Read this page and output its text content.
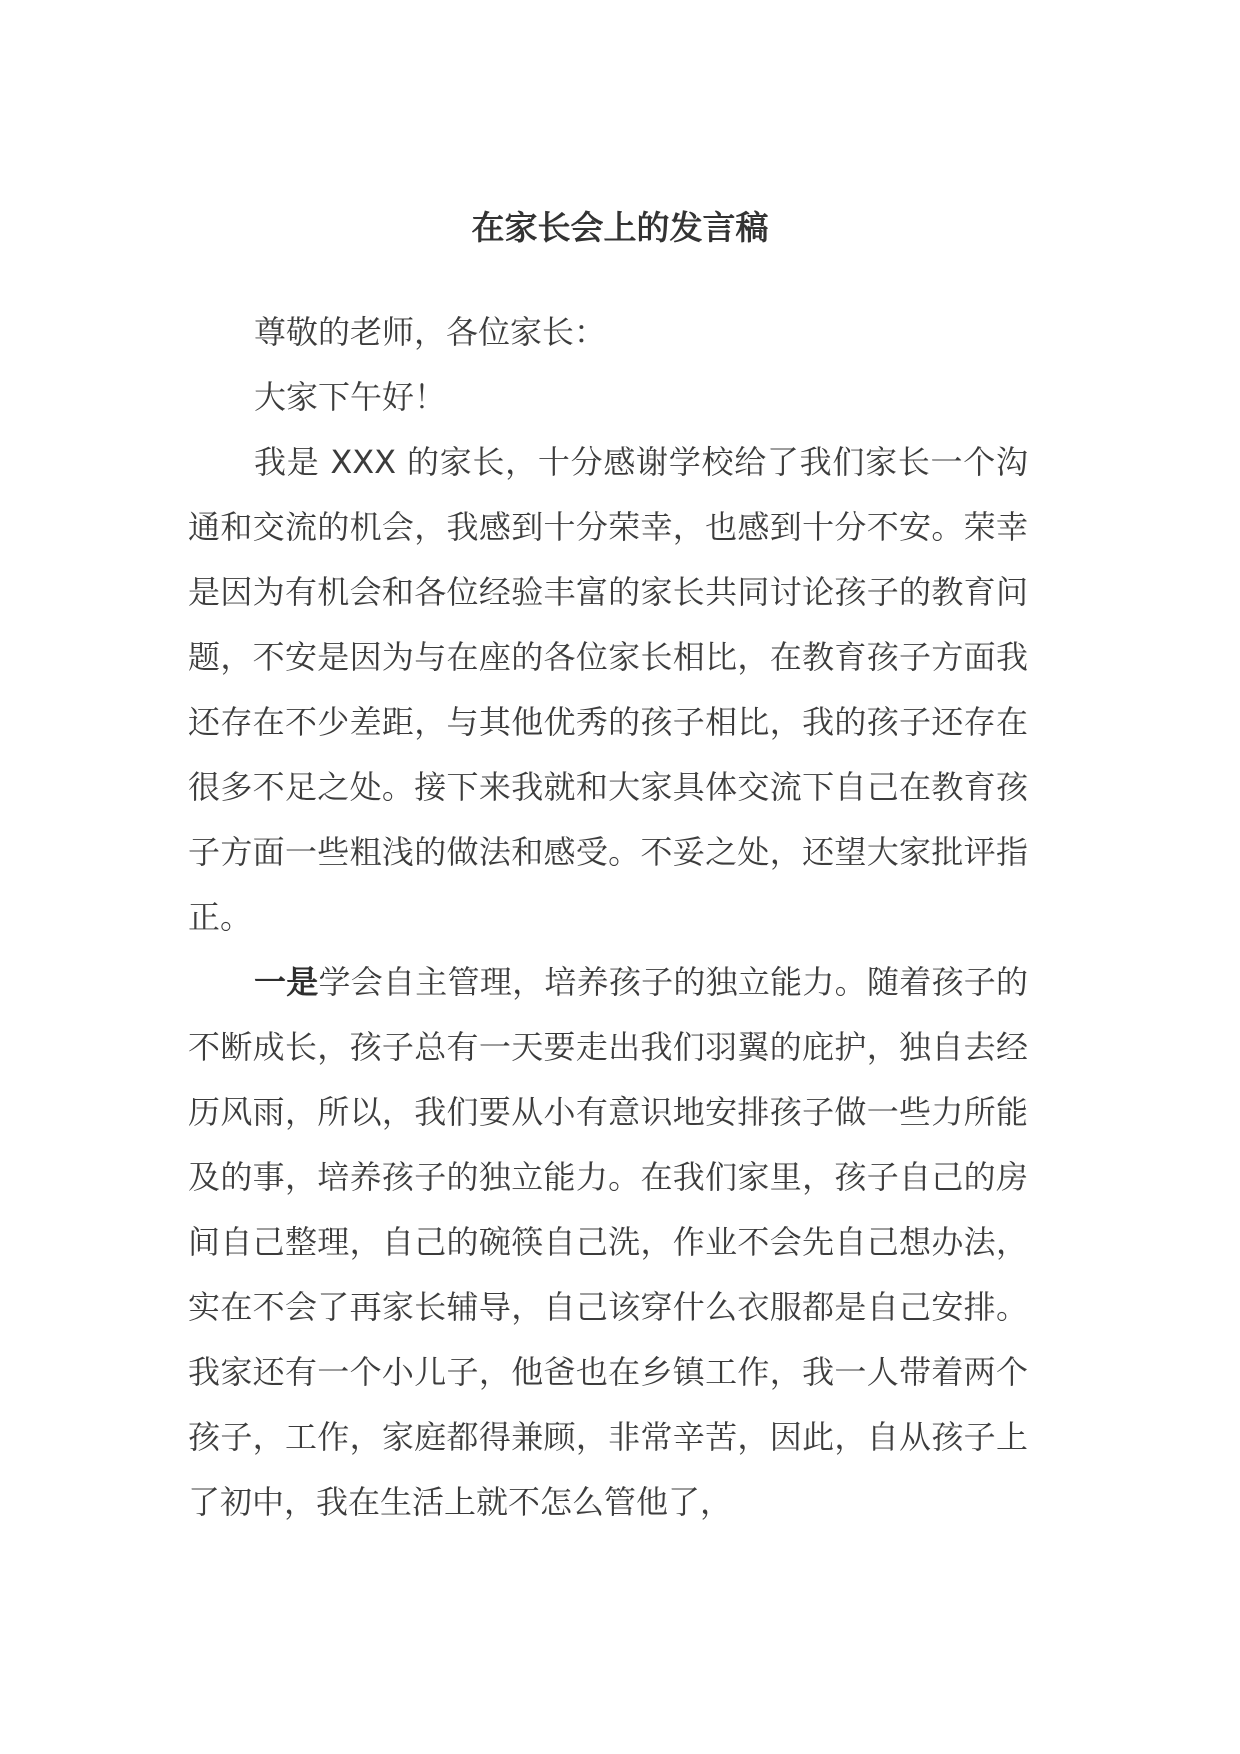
在家长会上的发言稿

尊敬的老师，各位家长：

大家下午好！

我是 XXX 的家长，十分感谢学校给了我们家长一个沟通和交流的机会，我感到十分荣幸，也感到十分不安。荣幸是因为有机会和各位经验丰富的家长共同讨论孩子的教育问题，不安是因为与在座的各位家长相比，在教育孩子方面我还存在不少差距，与其他优秀的孩子相比，我的孩子还存在很多不足之处。接下来我就和大家具体交流下自己在教育孩子方面一些粗浅的做法和感受。不妥之处，还望大家批评指正。

一是学会自主管理，培养孩子的独立能力。随着孩子的不断成长，孩子总有一天要走出我们羽翼的庇护，独自去经历风雨，所以，我们要从小有意识地安排孩子做一些力所能及的事，培养孩子的独立能力。在我们家里，孩子自己的房间自己整理，自己的碗筷自己洗，作业不会先自己想办法，实在不会了再家长辅导，自己该穿什么衣服都是自己安排。我家还有一个小儿子，他爸也在乡镇工作，我一人带着两个孩子，工作，家庭都得兼顾，非常辛苦，因此，自从孩子上了初中，我在生活上就不怎么管他了，
